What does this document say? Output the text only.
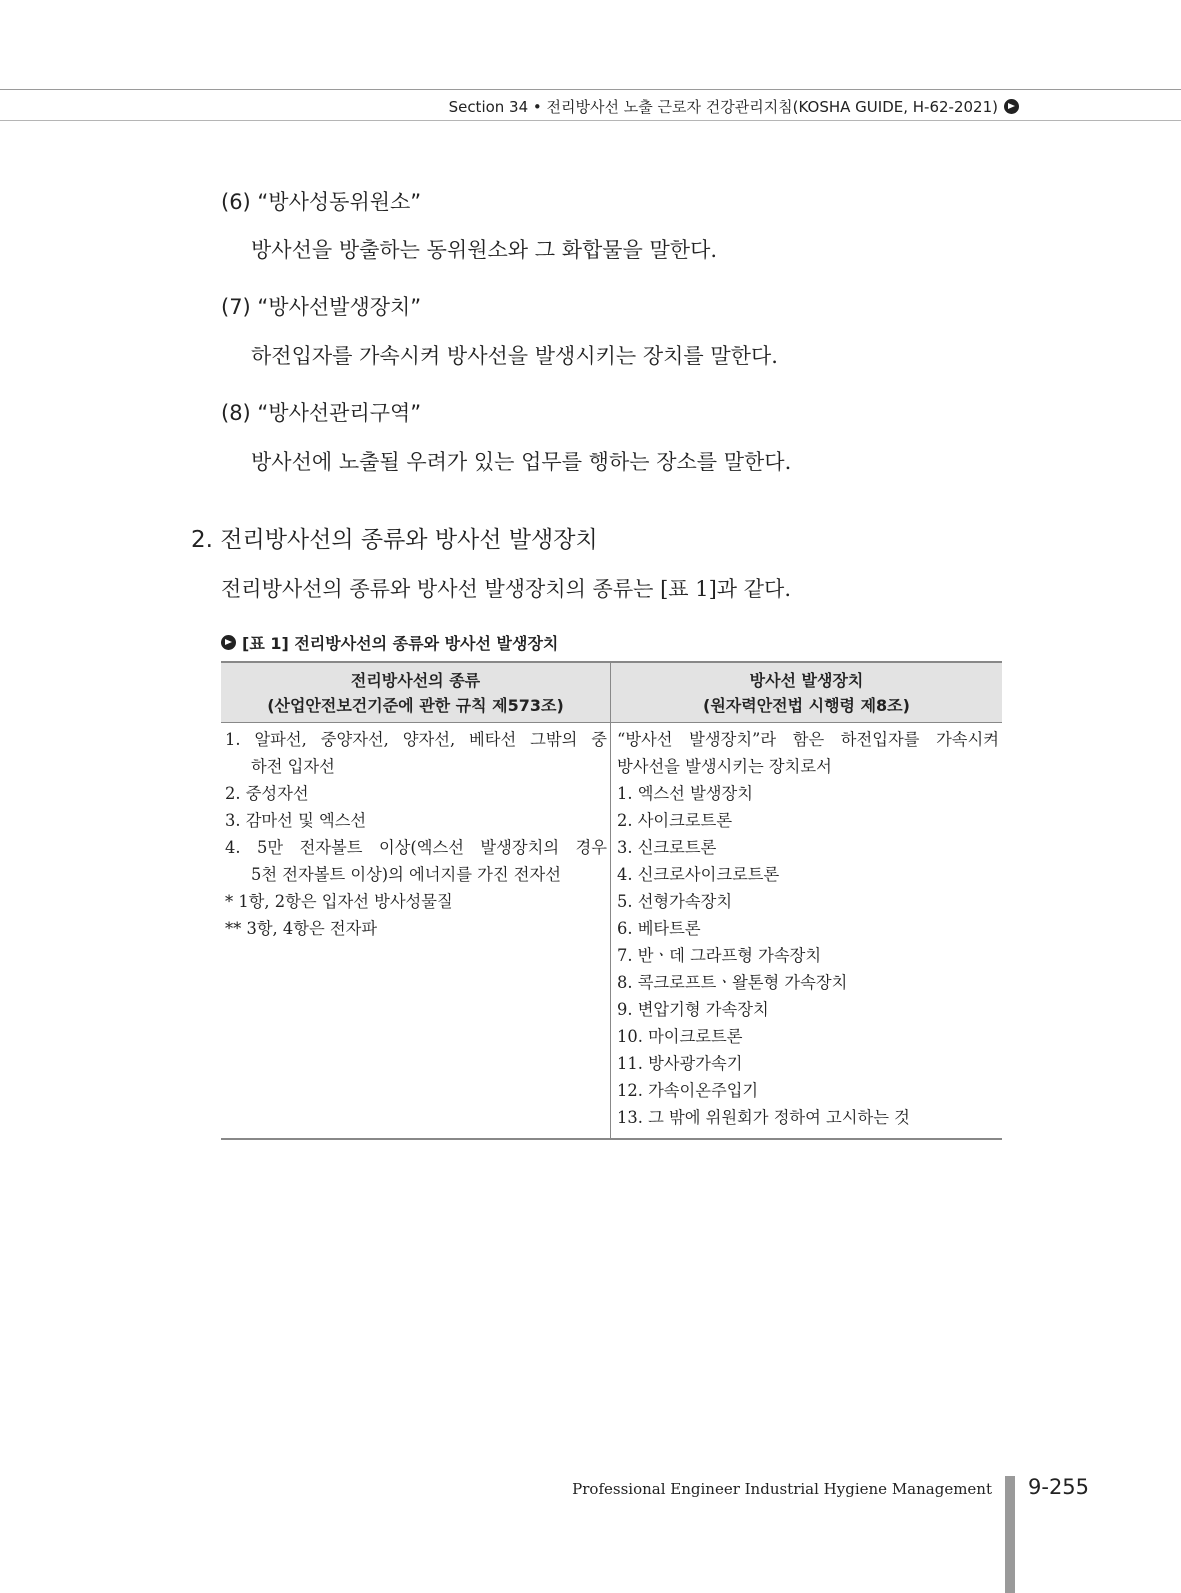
Section 34 • 전리방사선 노출 근로자 건강관리지침(KOSHA GUIDE, H-62-2021)
(6) “방사성동위원소”
방사선을 방출하는 동위원소와 그 화합물을 말한다.
(7) “방사선발생장치”
하전입자를 가속시켜 방사선을 발생시키는 장치를 말한다.
(8) “방사선관리구역”
방사선에 노출될 우려가 있는 업무를 행하는 장소를 말한다.
2. 전리방사선의 종류와 방사선 발생장치
전리방사선의 종류와 방사선 발생장치의 종류는 [표 1]과 같다.
[표 1] 전리방사선의 종류와 방사선 발생장치
전리방사선의 종류
(산업안전보건기준에 관한 규칙 제573조)
방사선 발생장치
(원자력안전법 시행령 제8조)
1. 알파선, 중양자선, 양자선, 베타선 그밖의 중
하전 입자선
2. 중성자선
3. 감마선 및 엑스선
4. 5만 전자볼트 이상(엑스선 발생장치의 경우
5천 전자볼트 이상)의 에너지를 가진 전자선
* 1항, 2항은 입자선 방사성물질
** 3항, 4항은 전자파
“방사선 발생장치”라 함은 하전입자를 가속시켜
방사선을 발생시키는 장치로서
1. 엑스선 발생장치
2. 사이크로트론
3. 신크로트론
4. 신크로사이크로트론
5. 선형가속장치
6. 베타트론
7. 반ㆍ데 그라프형 가속장치
8. 콕크로프트ㆍ왈톤형 가속장치
9. 변압기형 가속장치
10. 마이크로트론
11. 방사광가속기
12. 가속이온주입기
13. 그 밖에 위원회가 정하여 고시하는 것
Professional Engineer Industrial Hygiene Management 9-255
